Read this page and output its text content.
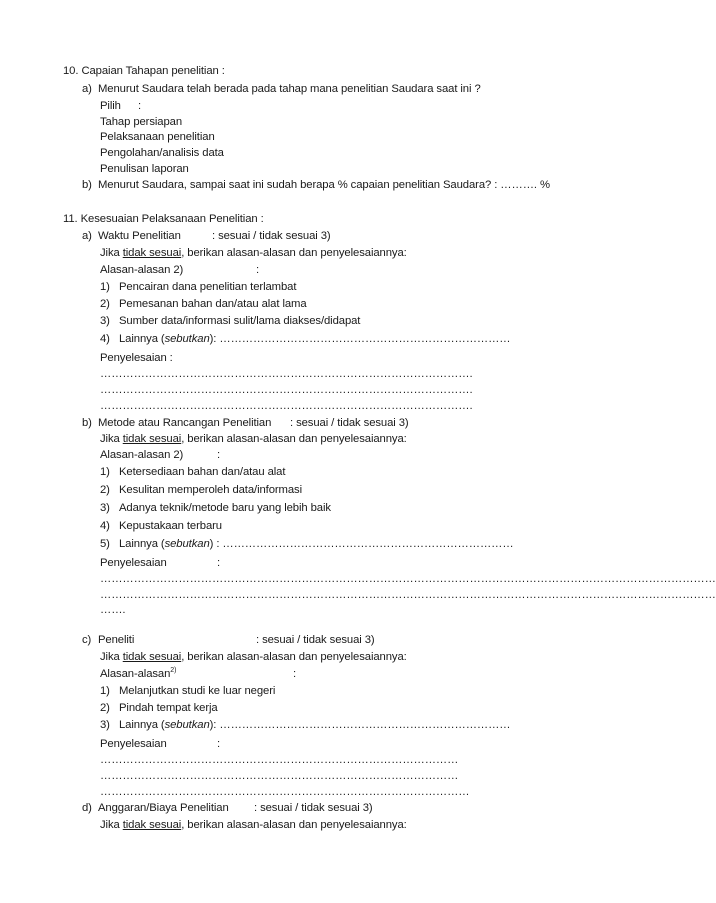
10. Capaian Tahapan penelitian :
a) Menurut Saudara telah berada pada tahap mana penelitian Saudara saat ini ?
Pilih :
Tahap persiapan
Pelaksanaan penelitian
Pengolahan/analisis data
Penulisan laporan
b) Menurut Saudara, sampai saat ini sudah berapa % capaian penelitian Saudara? : ………. %
11. Kesesuaian Pelaksanaan Penelitian :
a) Waktu Penelitian	: sesuai / tidak sesuai 3)
Jika tidak sesuai, berikan alasan-alasan dan penyelesaiannya:
Alasan-alasan 2)	:
1) Pencairan dana penelitian terlambat
2) Pemesanan bahan dan/atau alat lama
3) Sumber data/informasi sulit/lama diakses/didapat
4) Lainnya (sebutkan): ……………………………………………………………………
Penyelesaian :
……………………………………………………………………………………….
……………………………………………………………………………………….
……………………………………………………………………………………….
b) Metode atau Rancangan Penelitian : sesuai / tidak sesuai 3)
Jika tidak sesuai, berikan alasan-alasan dan penyelesaiannya:
Alasan-alasan 2)	:
1) Ketersediaan bahan dan/atau alat
2) Kesulitan memperoleh data/informasi
3) Adanya teknik/metode baru yang lebih baik
4) Kepustakaan terbaru
5) Lainnya (sebutkan) : ……………………………………………………………………
Penyelesaian	:
…………………………………………………………………………………………………………………………………………………
…………………………………………………………………………………………………………………………………………………
…….
c) Peneliti	: sesuai / tidak sesuai 3)
Jika tidak sesuai, berikan alasan-alasan dan penyelesaiannya:
Alasan-alasan$^{2)}$	:
1) Melanjutkan studi ke luar negeri
2) Pindah tempat kerja
3) Lainnya (sebutkan): ……………………………………………………………………
Penyelesaian	:
……………………………………………………………………………………
……………………………………………………………………………………
………………………………………………………………………………………
d) Anggaran/Biaya Penelitian : sesuai / tidak sesuai 3)
Jika tidak sesuai, berikan alasan-alasan dan penyelesaiannya:
